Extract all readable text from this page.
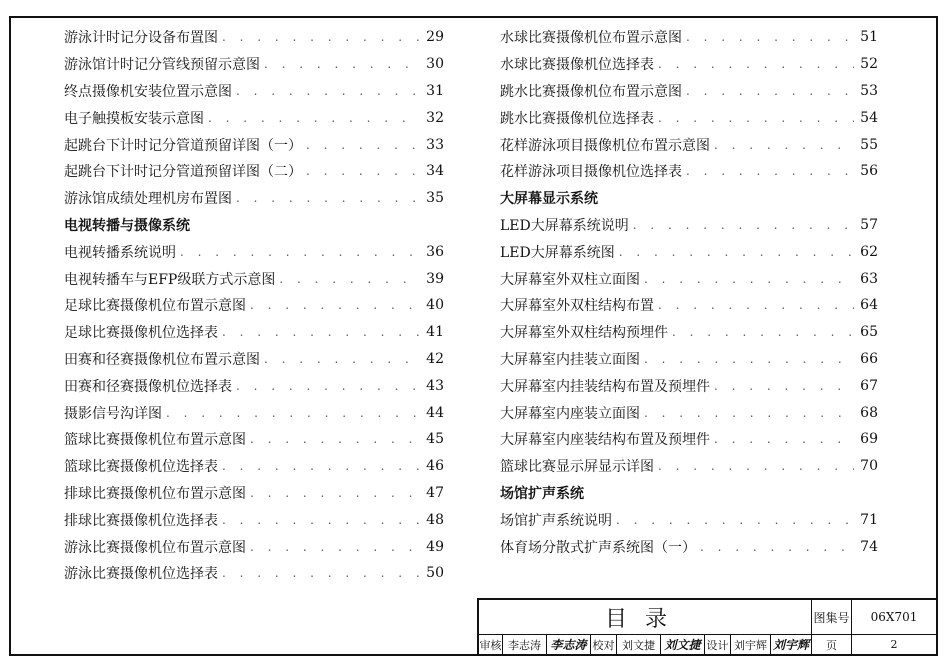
游泳计时记分设备布置图 . . .	29
游泳馆计时记分管线预留示意图 . . .	30
终点摄像机安装位置示意图 . . .	31
电子触摸板安装示意图 . . .	32
起跳台下计时记分管道预留详图（一） . . .	33
起跳台下计时记分管道预留详图（二） . . .	34
游泳馆成绩处理机房布置图 . . .	35
电视转播与摄像系统
电视转播系统说明 . . .	36
电视转播车与EFP级联方式示意图 . . .	39
足球比赛摄像机位布置示意图 . . .	40
足球比赛摄像机位选择表 . . .	41
田赛和径赛摄像机位布置示意图 . . .	42
田赛和径赛摄像机位选择表 . . .	43
摄影信号沟详图 . . .	44
篮球比赛摄像机位布置示意图 . . .	45
篮球比赛摄像机位选择表 . . .	46
排球比赛摄像机位布置示意图 . . .	47
排球比赛摄像机位选择表 . . .	48
游泳比赛摄像机位布置示意图 . . .	49
游泳比赛摄像机位选择表 . . .	50
水球比赛摄像机位布置示意图 . . .	51
水球比赛摄像机位选择表 . . .	52
跳水比赛摄像机位布置示意图 . . .	53
跳水比赛摄像机位选择表 . . .	54
花样游泳项目摄像机位布置示意图 . . .	55
花样游泳项目摄像机位选择表 . . .	56
大屏幕显示系统
LED大屏幕系统说明 . . .	57
LED大屏幕系统图 . . .	62
大屏幕室外双柱立面图 . . .	63
大屏幕室外双柱结构布置 . . .	64
大屏幕室外双柱结构预埋件 . . .	65
大屏幕室内挂装立面图 . . .	66
大屏幕室内挂装结构布置及预埋件 . . .	67
大屏幕室内座装立面图 . . .	68
大屏幕室内座装结构布置及预埋件 . . .	69
篮球比赛显示屏显示详图 . . .	70
场馆扩声系统
场馆扩声系统说明 . . .	71
体育场分散式扩声系统图（一） . . .	74
目录	图集号	06X701
审核 李志涛 李志涛 校对 刘文捷 刘文捷 设计 刘宇辉 刘宇辉	页	2
